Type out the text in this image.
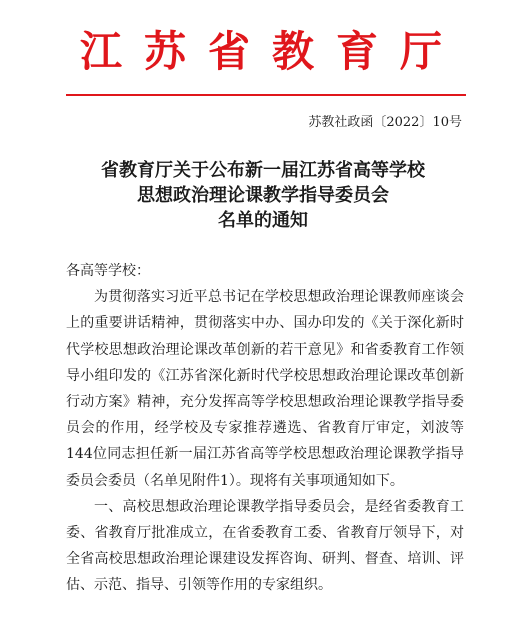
江苏省教育厅
苏教社政函〔2022〕10号
省教育厅关于公布新一届江苏省高等学校
思想政治理论课教学指导委员会
名单的通知

各高等学校：

为贯彻落实习近平总书记在学校思想政治理论课教师座谈会上的重要讲话精神，贯彻落实中办、国办印发的《关于深化新时代学校思想政治理论课改革创新的若干意见》和省委教育工作领导小组印发的《江苏省深化新时代学校思想政治理论课改革创新行动方案》精神，充分发挥高等学校思想政治理论课教学指导委员会的作用，经学校及专家推荐遴选、省教育厅审定，刘波等144位同志担任新一届江苏省高等学校思想政治理论课教学指导委员会委员（名单见附件1）。现将有关事项通知如下。

一、高校思想政治理论课教学指导委员会，是经省委教育工委、省教育厅批准成立，在省委教育工委、省教育厅领导下，对全省高校思想政治理论课建设发挥咨询、研判、督查、培训、评估、示范、指导、引领等作用的专家组织。
